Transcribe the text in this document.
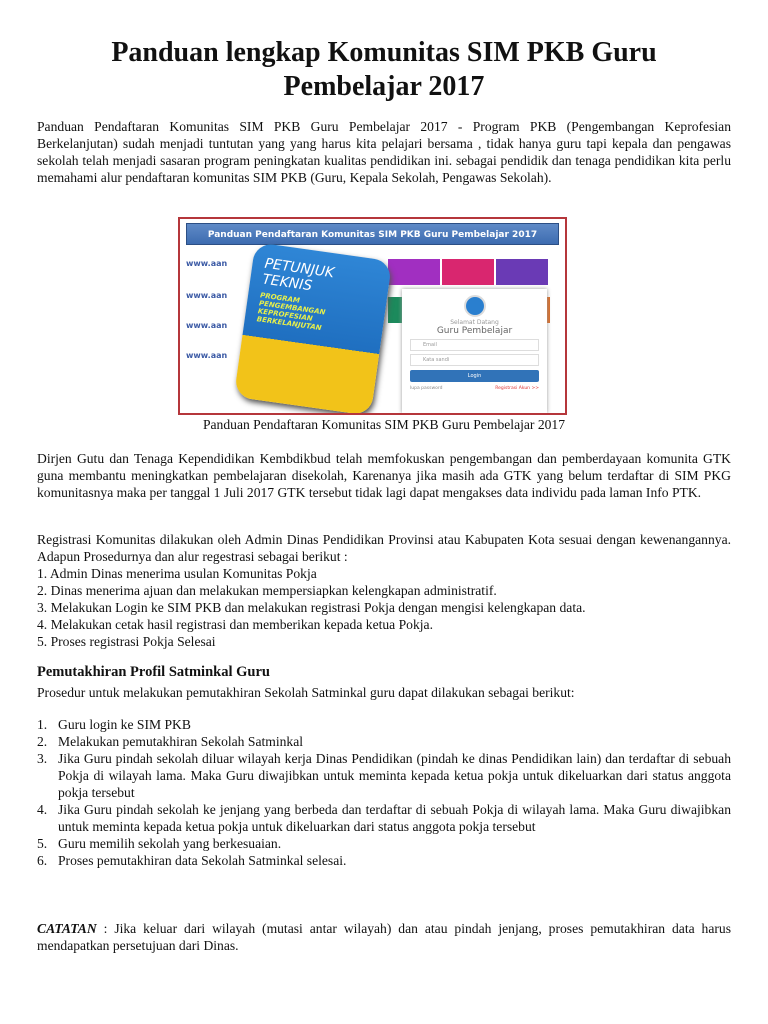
Panduan lengkap Komunitas SIM PKB Guru Pembelajar 2017
Panduan Pendaftaran Komunitas SIM PKB Guru Pembelajar 2017 - Program PKB (Pengembangan Keprofesian Berkelanjutan) sudah menjadi tuntutan yang yang harus kita pelajari bersama , tidak hanya guru tapi kepala dan pengawas sekolah telah menjadi sasaran program peningkatan kualitas pendidikan ini. sebagai pendidik dan tenaga pendidikan kita perlu memahami alur pendaftaran komunitas SIM PKB (Guru, Kepala Sekolah, Pengawas Sekolah).
Panduan Pendaftaran Komunitas SIM PKB Guru Pembelajar 2017
www.aan
www.aan
www.aan
www.aan
PETUNJUK TEKNIS
PROGRAM PENGEMBANGAN KEPROFESIAN BERKELANJUTAN	Selamat Datang
Guru Pembelajar
Email
Kata sandi
Login
lupa password	Registrasi Akun >>
Panduan Pendaftaran Komunitas SIM PKB Guru Pembelajar 2017
Dirjen Gutu dan Tenaga Kependidikan Kembdikbud telah memfokuskan pengembangan dan pemberdayaan komunita GTK guna membantu meningkatkan pembelajaran disekolah, Karenanya jika masih ada GTK yang belum terdaftar di SIM PKG komunitasnya maka per tanggal 1 Juli 2017 GTK tersebut tidak lagi dapat mengakses data individu pada laman Info PTK.
Registrasi Komunitas dilakukan oleh Admin Dinas Pendidikan Provinsi atau Kabupaten Kota sesuai dengan kewenangannya. Adapun Prosedurnya dan alur regestrasi sebagai berikut :
1. Admin Dinas menerima usulan Komunitas Pokja
2. Dinas menerima ajuan dan melakukan mempersiapkan kelengkapan administratif.
3. Melakukan Login ke SIM PKB dan melakukan registrasi Pokja dengan mengisi kelengkapan data.
4. Melakukan cetak hasil registrasi dan memberikan kepada ketua Pokja.
5. Proses registrasi Pokja Selesai
Pemutakhiran Profil Satminkal Guru
Prosedur untuk melakukan pemutakhiran Sekolah Satminkal guru dapat dilakukan sebagai berikut:
1. Guru login ke SIM PKB
2. Melakukan pemutakhiran Sekolah Satminkal
3. Jika Guru pindah sekolah diluar wilayah kerja Dinas Pendidikan (pindah ke dinas Pendidikan lain) dan terdaftar di sebuah Pokja di wilayah lama. Maka Guru diwajibkan untuk meminta kepada ketua pokja untuk dikeluarkan dari status anggota pokja tersebut
4. Jika Guru pindah sekolah ke jenjang yang berbeda dan terdaftar di sebuah Pokja di wilayah lama. Maka Guru diwajibkan untuk meminta kepada ketua pokja untuk dikeluarkan dari status anggota pokja tersebut
5. Guru memilih sekolah yang berkesuaian.
6. Proses pemutakhiran data Sekolah Satminkal selesai.
CATATAN : Jika keluar dari wilayah (mutasi antar wilayah) dan atau pindah jenjang, proses pemutakhiran data harus mendapatkan persetujuan dari Dinas.
